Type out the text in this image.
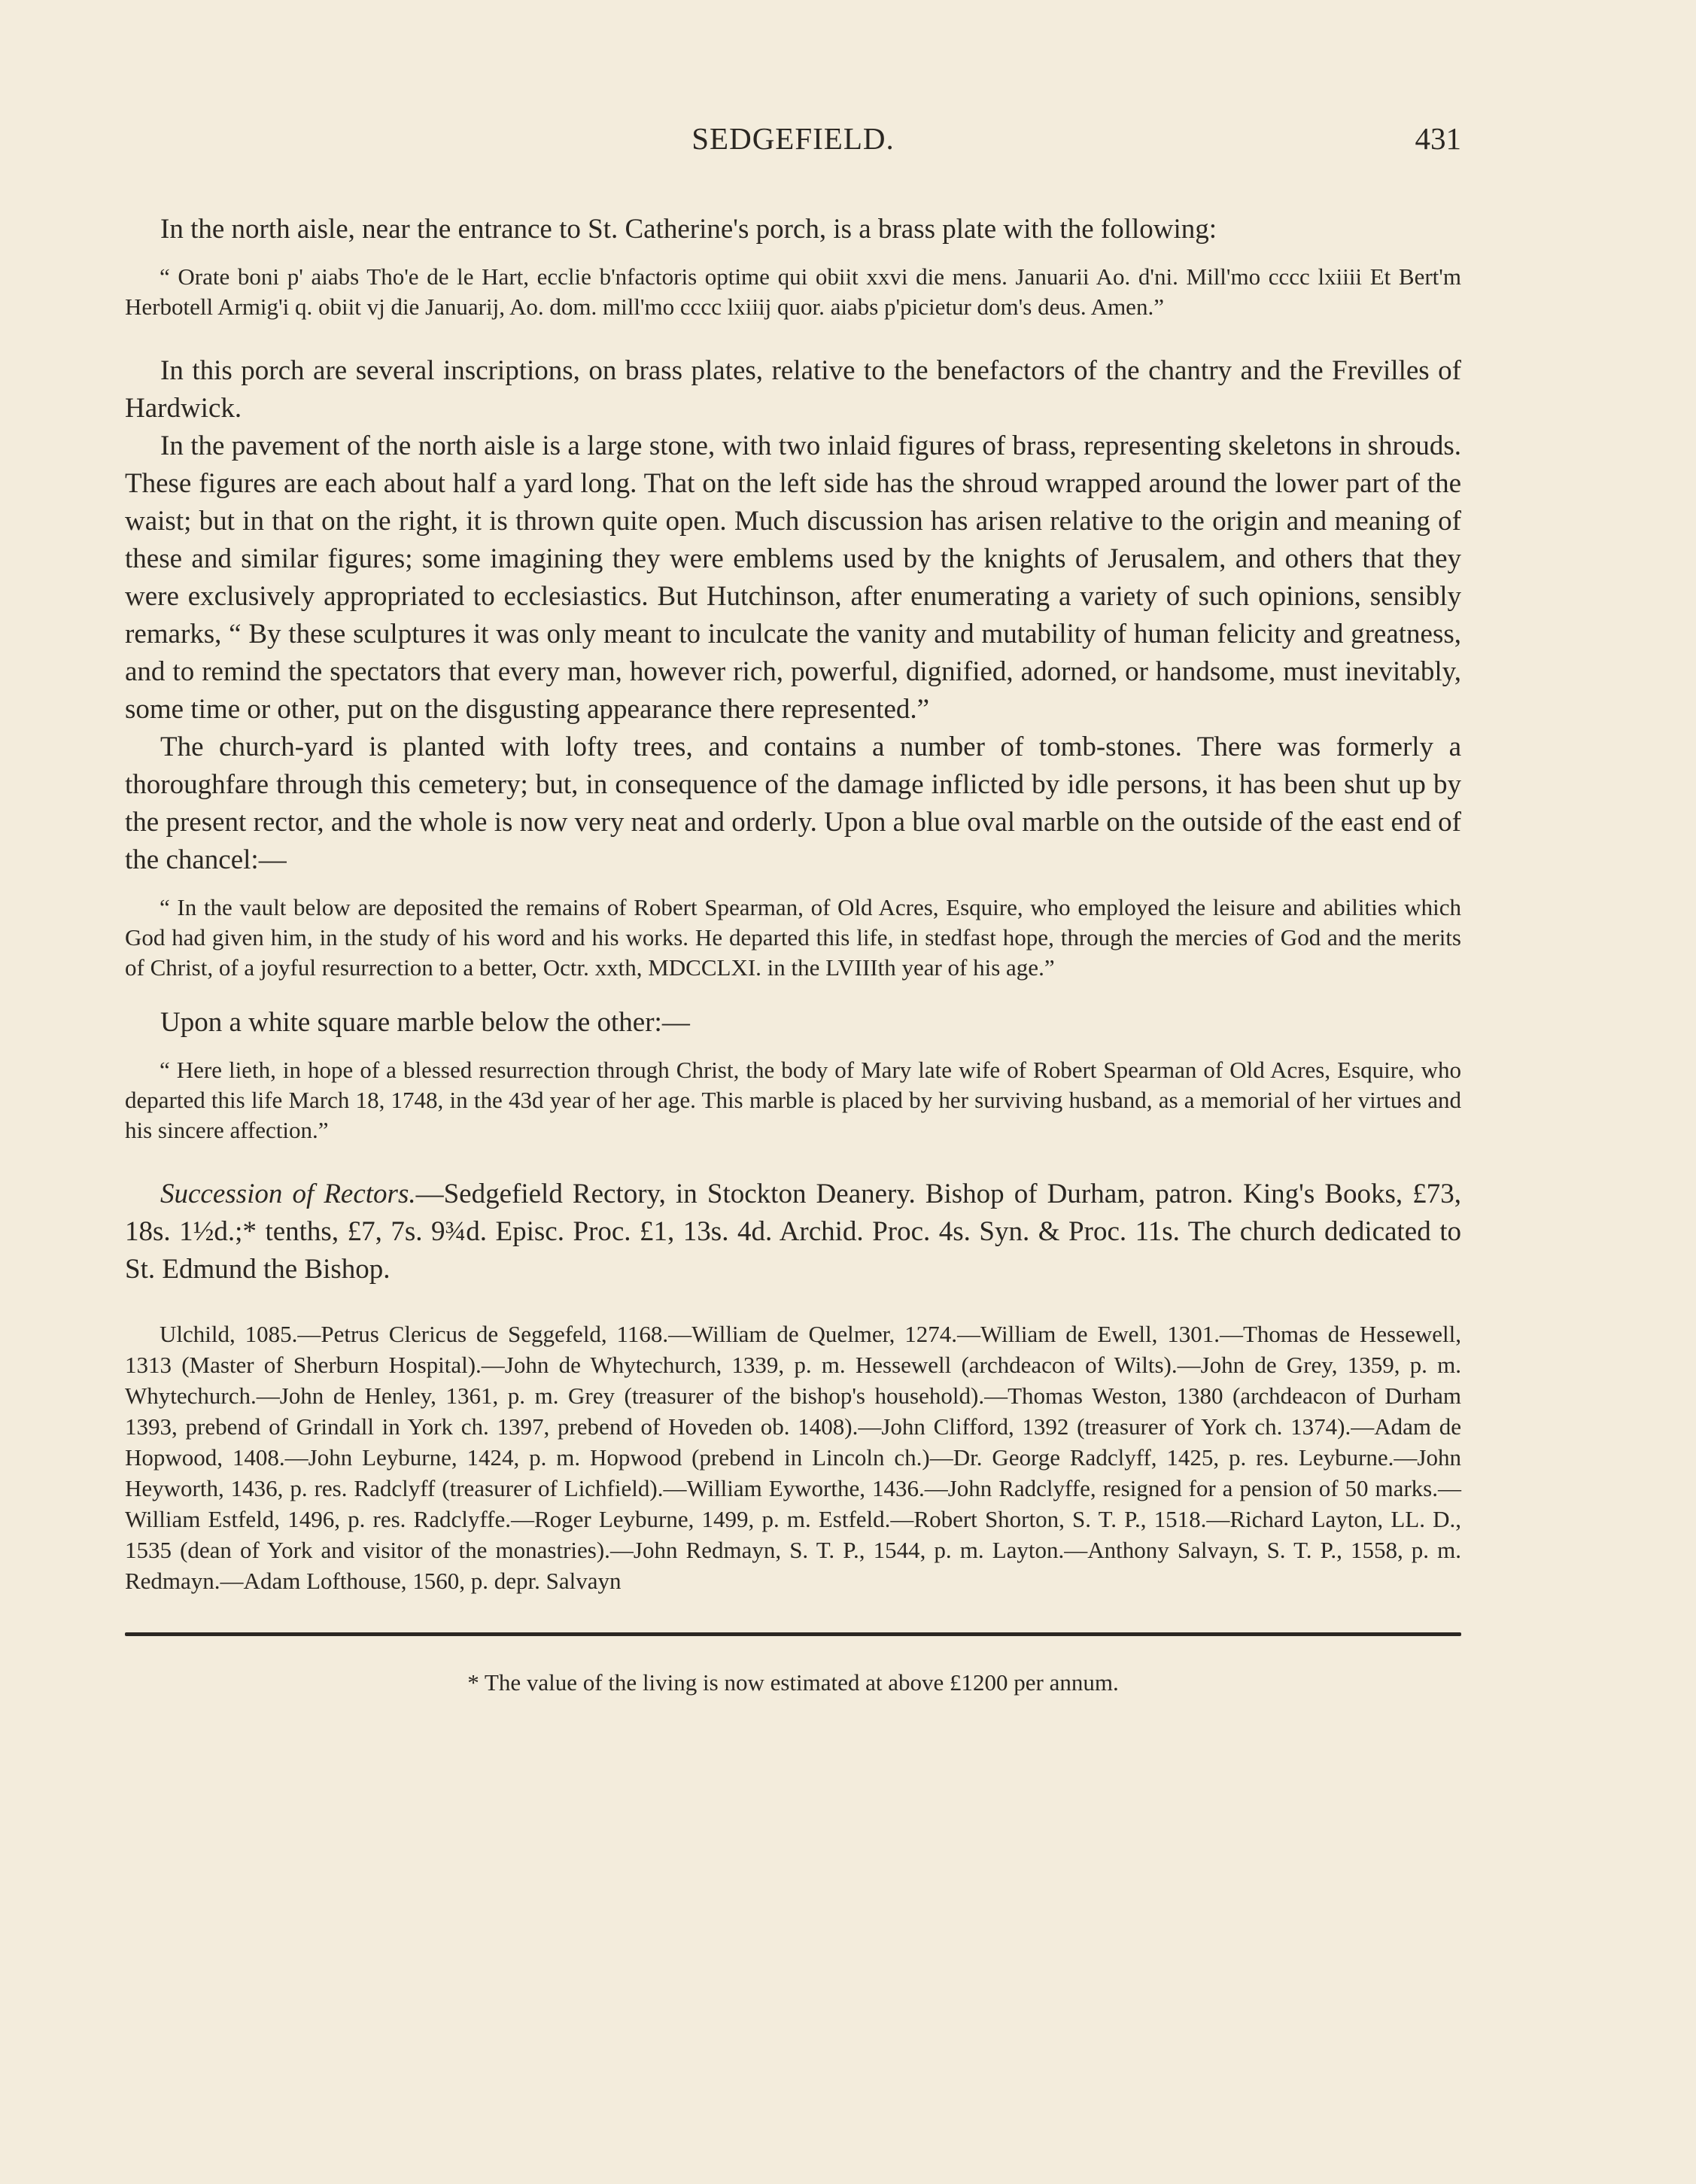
SEDGEFIELD.	431

In the north aisle, near the entrance to St. Catherine's porch, is a brass plate with the following:

“ Orate boni p' aiabs Tho'e de le Hart, ecclie b'nfactoris optime qui obiit xxvi die mens. Januarii Ao. d'ni. Mill'mo cccc lxiiii Et Bert'm Herbotell Armig'i q. obiit vj die Januarij, Ao. dom. mill'mo cccc lxiiij quor. aiabs p'picietur dom's deus. Amen.”

In this porch are several inscriptions, on brass plates, relative to the benefactors of the chantry and the Frevilles of Hardwick.

In the pavement of the north aisle is a large stone, with two inlaid figures of brass, representing skeletons in shrouds. These figures are each about half a yard long. That on the left side has the shroud wrapped around the lower part of the waist; but in that on the right, it is thrown quite open. Much discussion has arisen relative to the origin and meaning of these and similar figures; some imagining they were emblems used by the knights of Jerusalem, and others that they were exclusively appropriated to ecclesiastics. But Hutchinson, after enumerating a variety of such opinions, sensibly remarks, “ By these sculptures it was only meant to inculcate the vanity and mutability of human felicity and greatness, and to remind the spectators that every man, however rich, powerful, dignified, adorned, or handsome, must inevitably, some time or other, put on the disgusting appearance there represented.”

The church-yard is planted with lofty trees, and contains a number of tomb-stones. There was formerly a thoroughfare through this cemetery; but, in consequence of the damage inflicted by idle persons, it has been shut up by the present rector, and the whole is now very neat and orderly. Upon a blue oval marble on the outside of the east end of the chancel:—

“ In the vault below are deposited the remains of Robert Spearman, of Old Acres, Esquire, who employed the leisure and abilities which God had given him, in the study of his word and his works. He departed this life, in stedfast hope, through the mercies of God and the merits of Christ, of a joyful resurrection to a better, Octr. xxth, MDCCLXI. in the LVIIIth year of his age.”

Upon a white square marble below the other:—

“ Here lieth, in hope of a blessed resurrection through Christ, the body of Mary late wife of Robert Spearman of Old Acres, Esquire, who departed this life March 18, 1748, in the 43d year of her age. This marble is placed by her surviving husband, as a memorial of her virtues and his sincere affection.”

Succession of Rectors.—Sedgefield Rectory, in Stockton Deanery. Bishop of Durham, patron. King's Books, £73, 18s. 1½d.;* tenths, £7, 7s. 9¾d. Episc. Proc. £1, 13s. 4d. Archid. Proc. 4s. Syn. & Proc. 11s. The church dedicated to St. Edmund the Bishop.

Ulchild, 1085.—Petrus Clericus de Seggefeld, 1168.—William de Quelmer, 1274.—William de Ewell, 1301.—Thomas de Hessewell, 1313 (Master of Sherburn Hospital).—John de Whytechurch, 1339, p. m. Hessewell (archdeacon of Wilts).—John de Grey, 1359, p. m. Whytechurch.—John de Henley, 1361, p. m. Grey (treasurer of the bishop's household).—Thomas Weston, 1380 (archdeacon of Durham 1393, prebend of Grindall in York ch. 1397, prebend of Hoveden ob. 1408).—John Clifford, 1392 (treasurer of York ch. 1374).—Adam de Hopwood, 1408.—John Leyburne, 1424, p. m. Hopwood (prebend in Lincoln ch.)—Dr. George Radclyff, 1425, p. res. Leyburne.—John Heyworth, 1436, p. res. Radclyff (treasurer of Lichfield).—William Eyworthe, 1436.—John Radclyffe, resigned for a pension of 50 marks.—William Estfeld, 1496, p. res. Radclyffe.—Roger Leyburne, 1499, p. m. Estfeld.—Robert Shorton, S. T. P., 1518.—Richard Layton, LL. D., 1535 (dean of York and visitor of the monastries).—John Redmayn, S. T. P., 1544, p. m. Layton.—Anthony Salvayn, S. T. P., 1558, p. m. Redmayn.—Adam Lofthouse, 1560, p. depr. Salvayn

* The value of the living is now estimated at above £1200 per annum.
